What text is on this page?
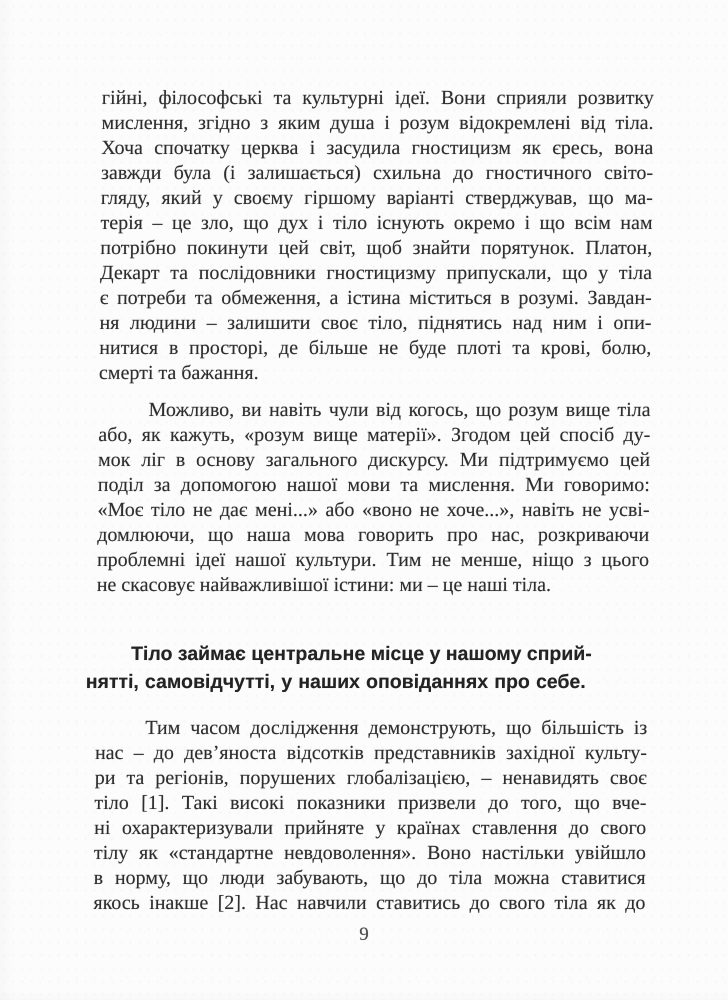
гійні, філософські та культурні ідеї. Вони сприяли розвитку
мислення, згідно з яким душа і розум відокремлені від тіла.
Хоча спочатку церква і засудила гностицизм як єресь, вона
завжди була (і залишається) схильна до гностичного світо-
гляду, який у своєму гіршому варіанті стверджував, що ма-
терія – це зло, що дух і тіло існують окремо і що всім нам
потрібно покинути цей світ, щоб знайти порятунок. Платон,
Декарт та послідовники гностицизму припускали, що у тіла
є потреби та обмеження, а істина міститься в розумі. Завдан-
ня людини – залишити своє тіло, піднятись над ним і опи-
нитися в просторі, де більше не буде плоті та крові, болю,
смерті та бажання.
Можливо, ви навіть чули від когось, що розум вище тіла
або, як кажуть, «розум вище матерії». Згодом цей спосіб ду-
мок ліг в основу загального дискурсу. Ми підтримуємо цей
поділ за допомогою нашої мови та мислення. Ми говоримо:
«Моє тіло не дає мені...» або «воно не хоче...», навіть не усві-
домлюючи, що наша мова говорить про нас, розкриваючи
проблемні ідеї нашої культури. Тим не менше, ніщо з цього
не скасовує найважливішої істини: ми – це наші тіла.
Тіло займає центральне місце у нашому сприй-
нятті, самовідчутті, у наших оповіданнях про себе.
Тим часом дослідження демонструють, що більшість із
нас – до дев’яноста відсотків представників західної культу-
ри та регіонів, порушених глобалізацією, – ненавидять своє
тіло [1]. Такі високі показники призвели до того, що вче-
ні охарактеризували прийняте у країнах ставлення до свого
тілу як «стандартне невдоволення». Воно настільки увійшло
в норму, що люди забувають, що до тіла можна ставитися
якось інакше [2]. Нас навчили ставитись до свого тіла як до
9
